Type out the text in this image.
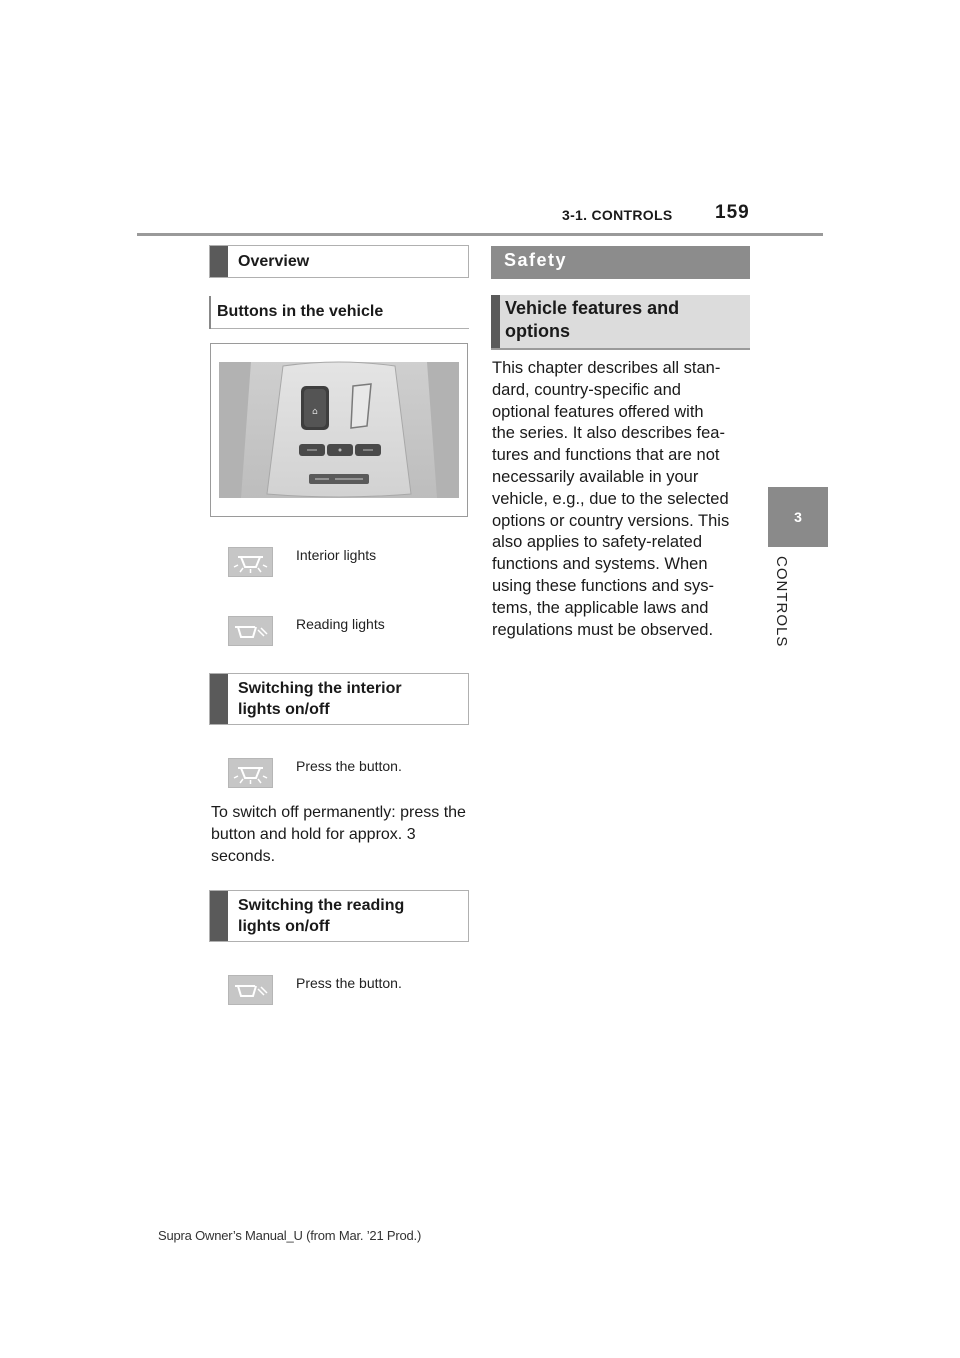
3-1. CONTROLS 159
3
CONTROLS
Overview
Buttons in the vehicle
⌂
Interior lights
Reading lights
Switching the interior
lights on/off
Press the button.
To switch off permanently: press the button and hold for approx. 3 seconds.
Switching the reading
lights on/off
Press the button.
Safety
Vehicle features and
options
This chapter describes all stan-
dard, country-specific and
optional features offered with
the series. It also describes fea-
tures and functions that are not
necessarily available in your
vehicle, e.g., due to the selected
options or country versions. This
also applies to safety-related
functions and systems. When
using these functions and sys-
tems, the applicable laws and
regulations must be observed.
Supra Owner’s Manual_U (from Mar. ’21 Prod.)
